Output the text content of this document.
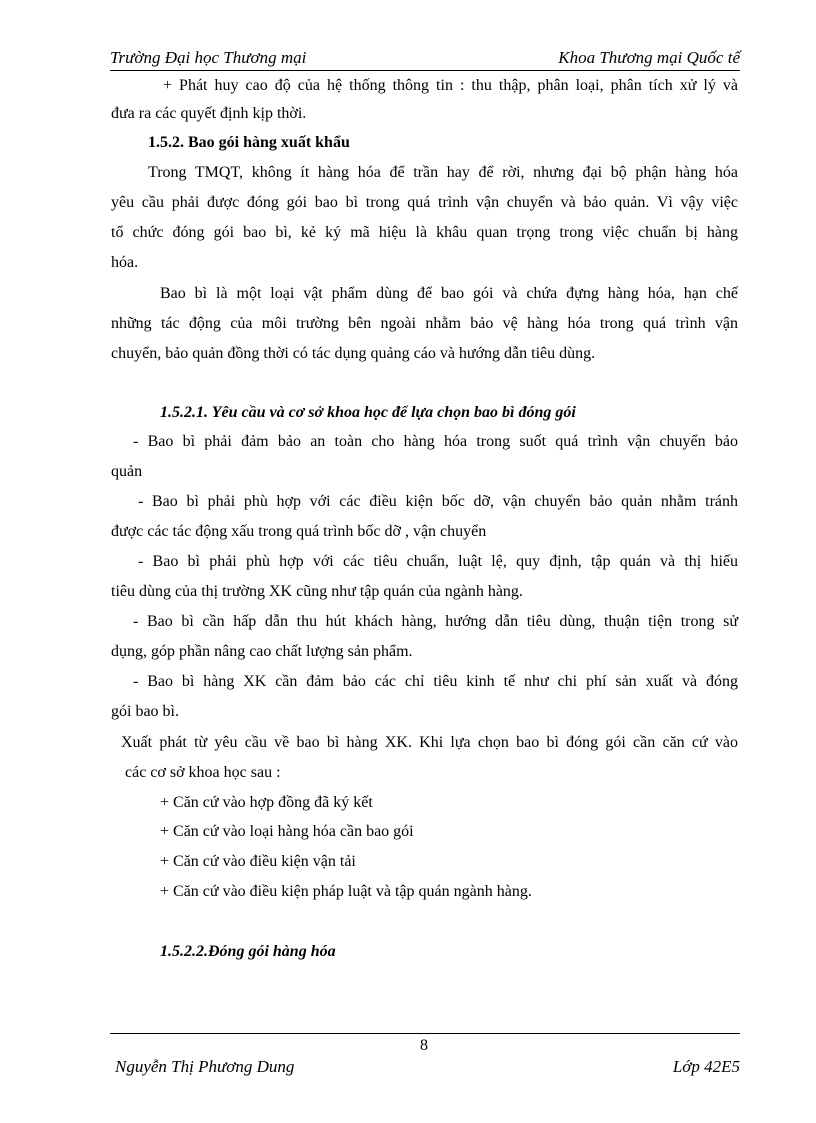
Trường Đại học Thương mại	Khoa Thương mại Quốc tế
+ Phát huy cao độ của hệ thống thông tin : thu thập, phân loại, phân tích xử lý và
đưa ra các quyết định kịp thời.
1.5.2. Bao gói hàng xuất khẩu
Trong TMQT, không ít hàng hóa để trần hay để rời, nhưng đại bộ phận hàng hóa
yêu cầu phải được đóng gói bao bì trong quá trình vận chuyển và bảo quản. Vì vậy việc
tổ chức đóng gói bao bì, kẻ ký mã hiệu là khâu quan trọng trong việc chuẩn bị hàng
hóa.
Bao bì là một loại vật phẩm dùng để bao gói và chứa đựng hàng hóa, hạn chế
những tác động của môi trường bên ngoài nhằm bảo vệ hàng hóa trong quá trình vận
chuyển, bảo quản đồng thời có tác dụng quảng cáo và hướng dẫn tiêu dùng.
1.5.2.1. Yêu cầu và cơ sở khoa học để lựa chọn bao bì đóng gói
- Bao bì phải đảm bảo an toàn cho hàng hóa trong suốt quá trình vận chuyển bảo
quản
- Bao bì phải phù hợp với các điều kiện bốc dỡ, vận chuyển bảo quản nhằm tránh
được các tác động xấu trong quá trình bốc dỡ , vận chuyển
- Bao bì phải phù hợp với các tiêu chuẩn, luật lệ, quy định, tập quán và thị hiếu
tiêu dùng của thị trường XK cũng như tập quán của ngành hàng.
- Bao bì cần hấp dẫn thu hút khách hàng, hướng dẫn tiêu dùng, thuận tiện trong sử
dụng, góp phần nâng cao chất lượng sản phẩm.
- Bao bì hàng XK cần đảm bảo các chỉ tiêu kinh tế như chi phí sản xuất và đóng
gói bao bì.
Xuất phát từ yêu cầu về bao bì hàng XK. Khi lựa chọn bao bì đóng gói cần căn cứ vào
các cơ sở khoa học sau :
+ Căn cứ vào hợp đồng đã ký kết
+ Căn cứ vào loại hàng hóa cần bao gói
+ Căn cứ vào điều kiện vận tải
+ Căn cứ vào điều kiện pháp luật và tập quán ngành hàng.
1.5.2.2.Đóng gói hàng hóa
8
Nguyễn Thị Phương Dung	Lớp 42E5
